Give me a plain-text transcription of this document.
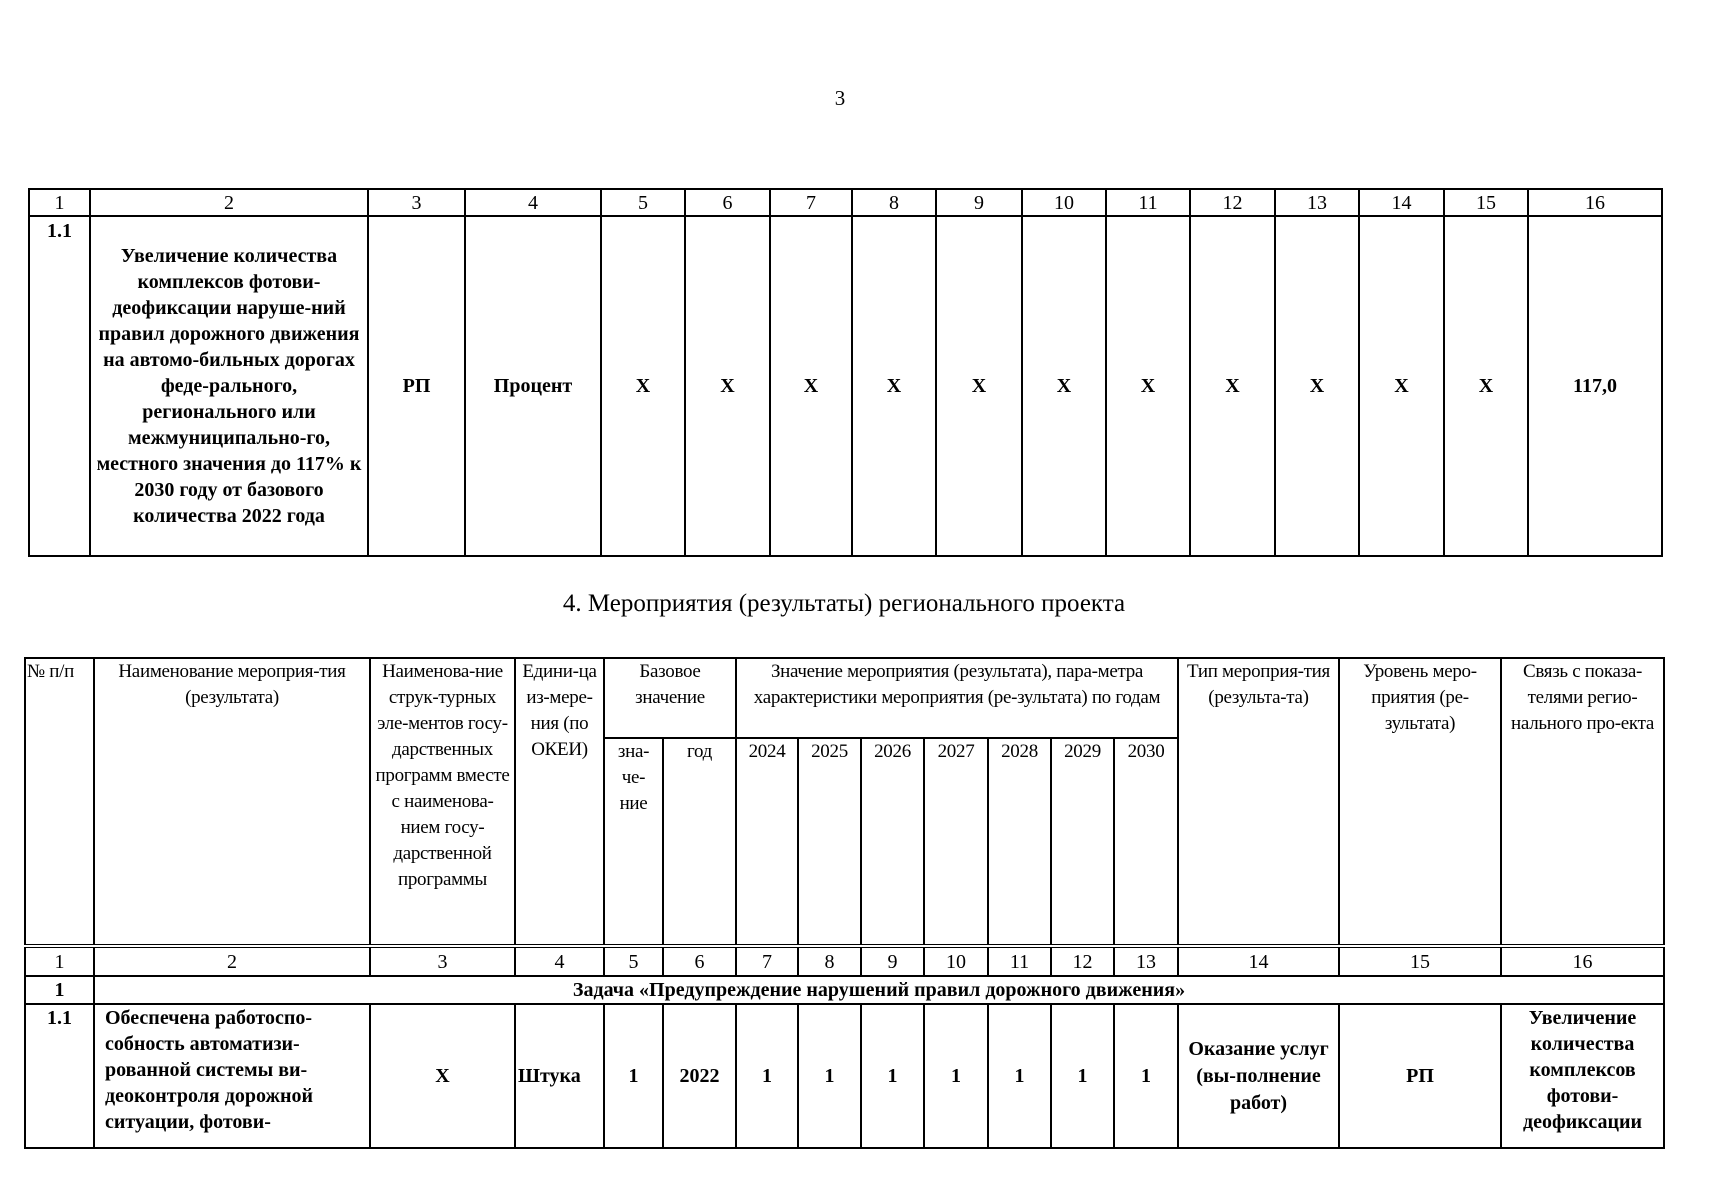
3
1	2	3	4	5	6	7	8	9	10	11	12	13	14	15	16
1.1	Увеличение количества комплексов фотови-деофиксации наруше-ний правил дорожного движения на автомо-бильных дорогах феде-рального, регионального или межмуниципально-го, местного значения до 117% к 2030 году от базового количества 2022 года	РП	Процент	X	X	X	X	X	X	X	X	X	X	X	117,0
4. Мероприятия (результаты) регионального проекта
№ п/п	Наименование мероприя-тия (результата)	Наименова-ние струк-турных эле-ментов госу-дарственных программ вместе с наименова-нием госу-дарственной программы	Едини-ца из-мере-ния (по ОКЕИ)	Базовое значение		Значение мероприятия (результата), пара-метра характеристики мероприятия (ре-зультата) по годам							Тип мероприя-тия (результа-та)	Уровень меро-приятия (ре-зультата)	Связь с показа-телями регио-нального про-екта
				зна-че-ние	год	2024	2025	2026	2027	2028	2029	2030			
1	2	3	4	5	6	7	8	9	10	11	12	13	14	15	16
1	Задача «Предупреждение нарушений правил дорожного движения»														
1.1	Обеспечена работоспо-собность автоматизи-рованной системы ви-деоконтроля дорожной ситуации, фотови-	X	Штука	1	2022	1	1	1	1	1	1	1	Оказание услуг (вы-полнение работ)	РП	Увеличение количества комплексов фотови-деофиксации
